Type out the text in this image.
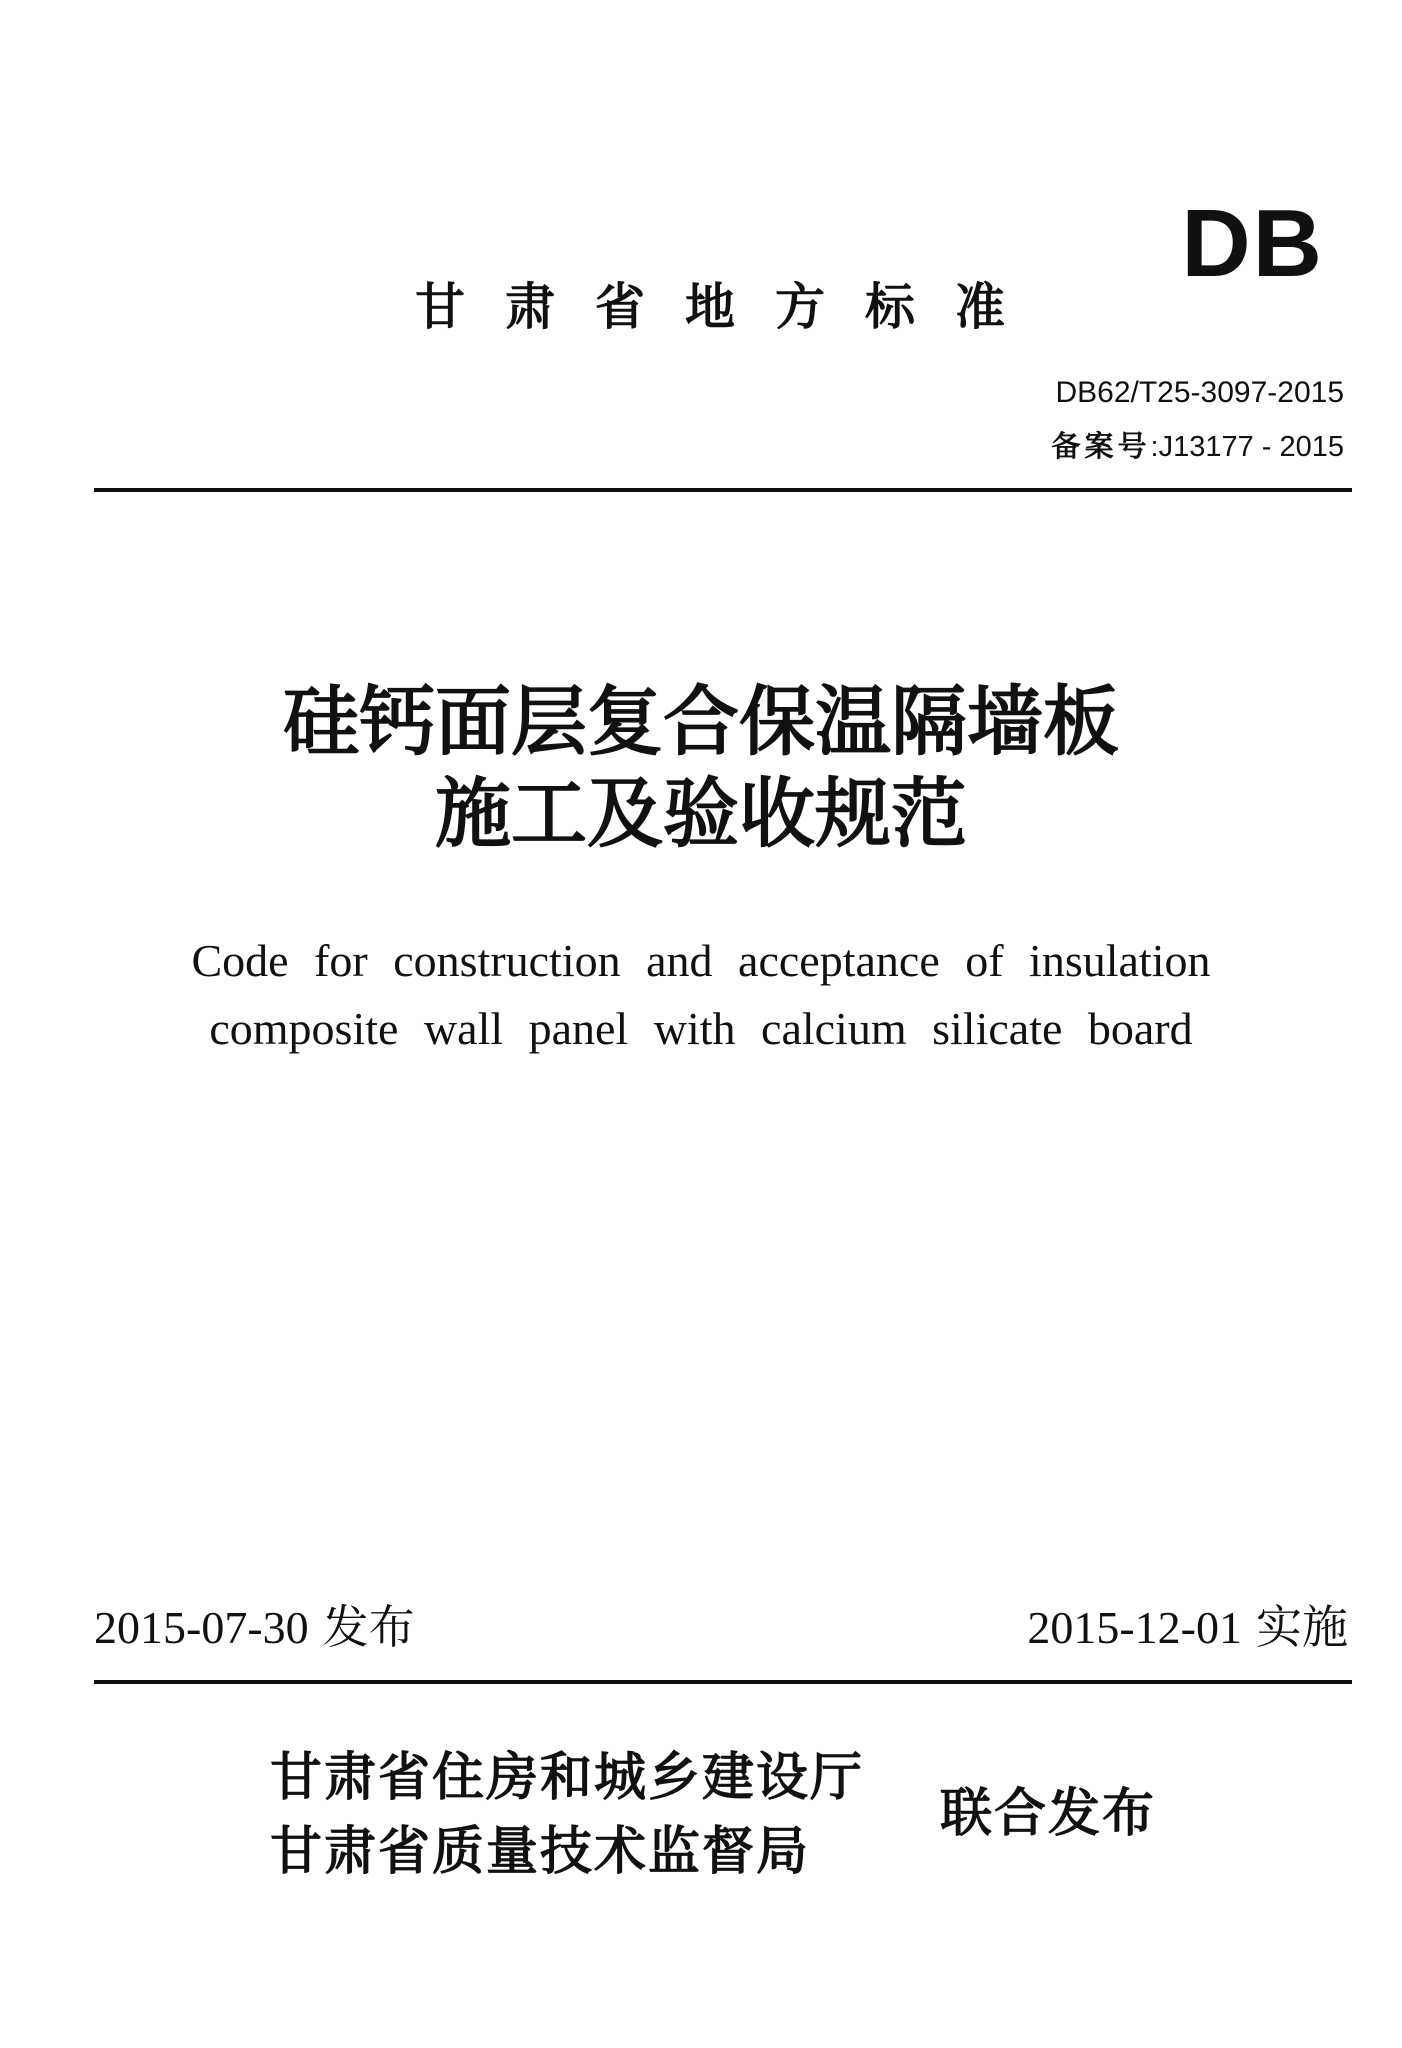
DB
甘肃省地方标准
DB62/T25-3097-2015
备案号:J13177 - 2015
硅钙面层复合保温隔墙板
施工及验收规范
Code for construction and acceptance of insulation
composite wall panel with calcium silicate board
2015-07-30 发布	2015-12-01 实施
甘肃省住房和城乡建设厅
甘肃省质量技术监督局
联合发布
